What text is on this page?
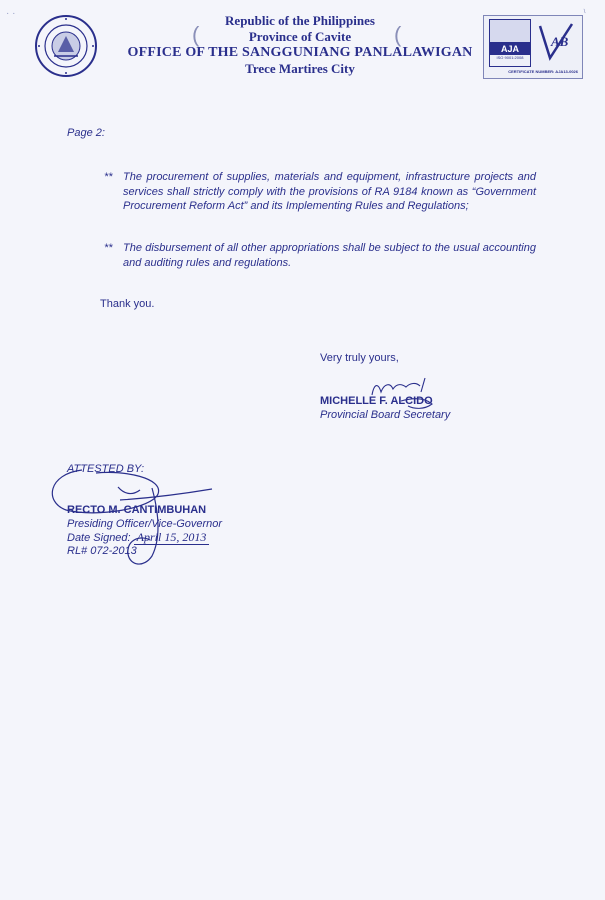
· ·	Republic of the Philippines
Province of Cavite
OFFICE OF THE SANGGUNIANG PANLALAWIGAN
Trece Martires City
(	(
AJA
ISO 9001:2008
AB
CERTIFICATE NUMBER: AJA13-0026
~
Page 2:
** The procurement of supplies, materials and equipment, infrastructure projects and services shall strictly comply with the provisions of RA 9184 known as “Government Procurement Reform Act” and its Implementing Rules and Regulations;
** The disbursement of all other appropriations shall be subject to the usual accounting and auditing rules and regulations.
Thank you.
Very truly yours,
MICHELLE F. ALCIDO
Provincial Board Secretary
ATTESTED BY:
RECTO M. CANTIMBUHAN
Presiding Officer/Vice-Governor
Date Signed: April 15, 2013
RL# 072-2013
